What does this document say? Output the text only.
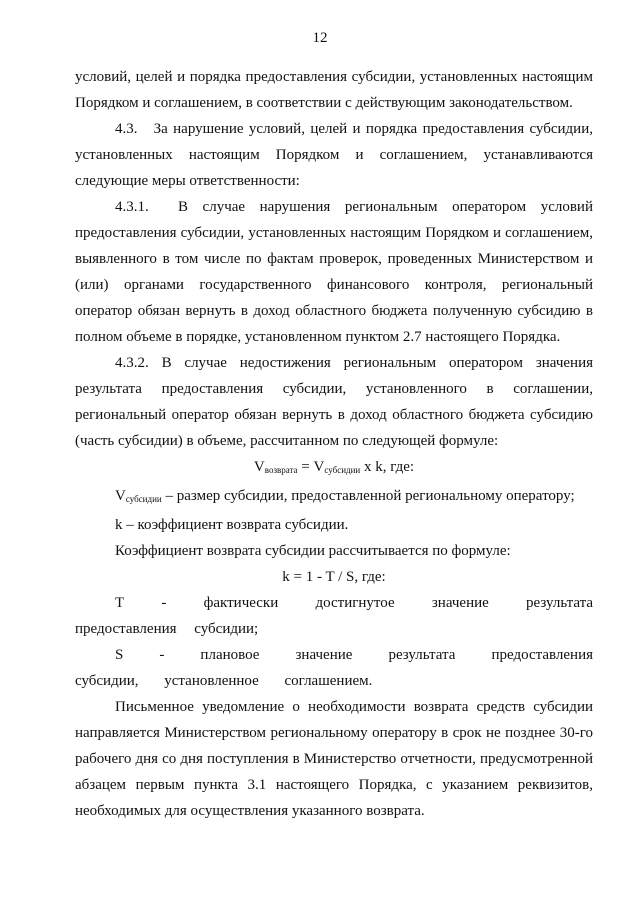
12

условий, целей и порядка предоставления субсидии, установленных настоящим Порядком и соглашением, в соответствии с действующим законодательством.

4.3.   За нарушение условий, целей и порядка предоставления субсидии, установленных настоящим Порядком и соглашением, устанавливаются следующие меры ответственности:

4.3.1.  В случае нарушения региональным оператором условий предоставления субсидии, установленных настоящим Порядком и соглашением, выявленного в том числе по фактам проверок, проведенных Министерством и (или) органами государственного финансового контроля, региональный оператор обязан вернуть в доход областного бюджета полученную субсидию в полном объеме в порядке, установленном пунктом 2.7 настоящего Порядка.

4.3.2. В случае недостижения региональным оператором значения результата предоставления субсидии, установленного в соглашении, региональный оператор обязан вернуть в доход областного бюджета субсидию (часть субсидии) в объеме, рассчитанном по следующей формуле:

$V_{возврата} = V_{субсидии}$ x k, где:

$V_{субсидии}$ – размер субсидии, предоставленной региональному оператору;

k – коэффициент возврата субсидии.

Коэффициент возврата субсидии рассчитывается по формуле:

k = 1 - T / S, где:

Т - фактически достигнутое значение результата предоставления субсидии;

S - плановое значение результата предоставления субсидии, установленное соглашением.

Письменное уведомление о необходимости возврата средств субсидии направляется Министерством региональному оператору в срок не позднее 30-го рабочего дня со дня поступления в Министерство отчетности, предусмотренной абзацем первым пункта 3.1 настоящего Порядка, с указанием реквизитов, необходимых для осуществления указанного возврата.
